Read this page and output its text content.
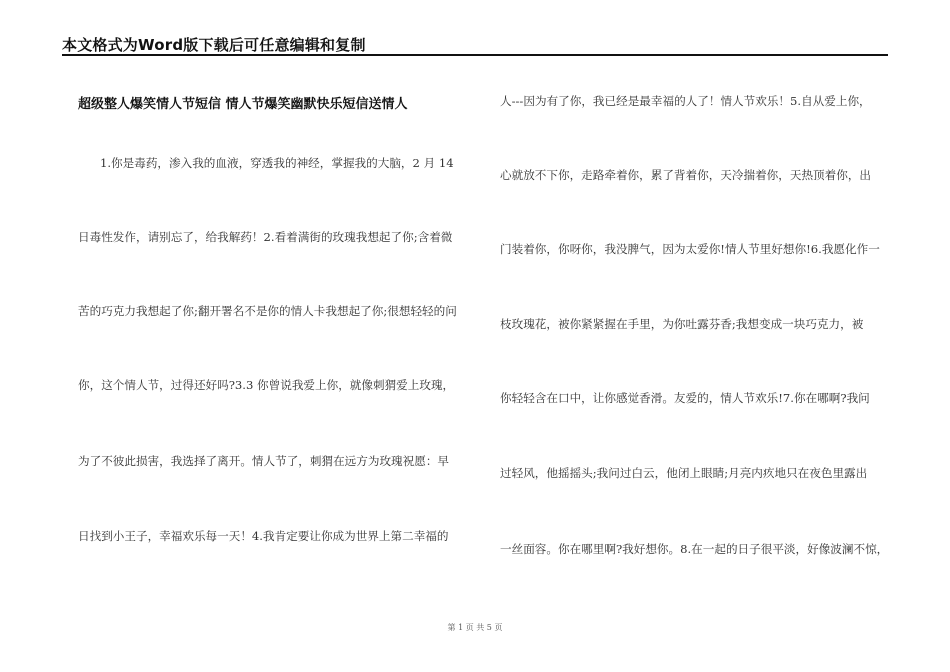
本文格式为Word版下载后可任意编辑和复制
超级整人爆笑情人节短信 情人节爆笑幽默快乐短信送情人
1.你是毒药，渗入我的血液，穿透我的神经，掌握我的大脑，2 月 14
日毒性发作，请别忘了，给我解药！2.看着满街的玫瑰我想起了你;含着微
苦的巧克力我想起了你;翻开署名不是你的情人卡我想起了你;很想轻轻的问
你，这个情人节，过得还好吗?3.3 你曾说我爱上你，就像刺猬爱上玫瑰，
为了不彼此损害，我选择了离开。情人节了，刺猬在远方为玫瑰祝愿：早
日找到小王子，幸福欢乐每一天！4.我肯定要让你成为世界上第二幸福的
人---因为有了你，我已经是最幸福的人了！情人节欢乐！5.自从爱上你，
心就放不下你，走路牵着你，累了背着你，天冷揣着你，天热顶着你，出
门装着你，你呀你，我没脾气，因为太爱你!情人节里好想你!6.我愿化作一
枝玫瑰花，被你紧紧握在手里，为你吐露芬香;我想变成一块巧克力，被
你轻轻含在口中，让你感觉香滑。友爱的，情人节欢乐!7.你在哪啊?我问
过轻风，他摇摇头;我问过白云，他闭上眼睛;月亮内疚地只在夜色里露出
一丝面容。你在哪里啊?我好想你。8.在一起的日子很平淡，好像波澜不惊，
第 1 页 共 5 页
